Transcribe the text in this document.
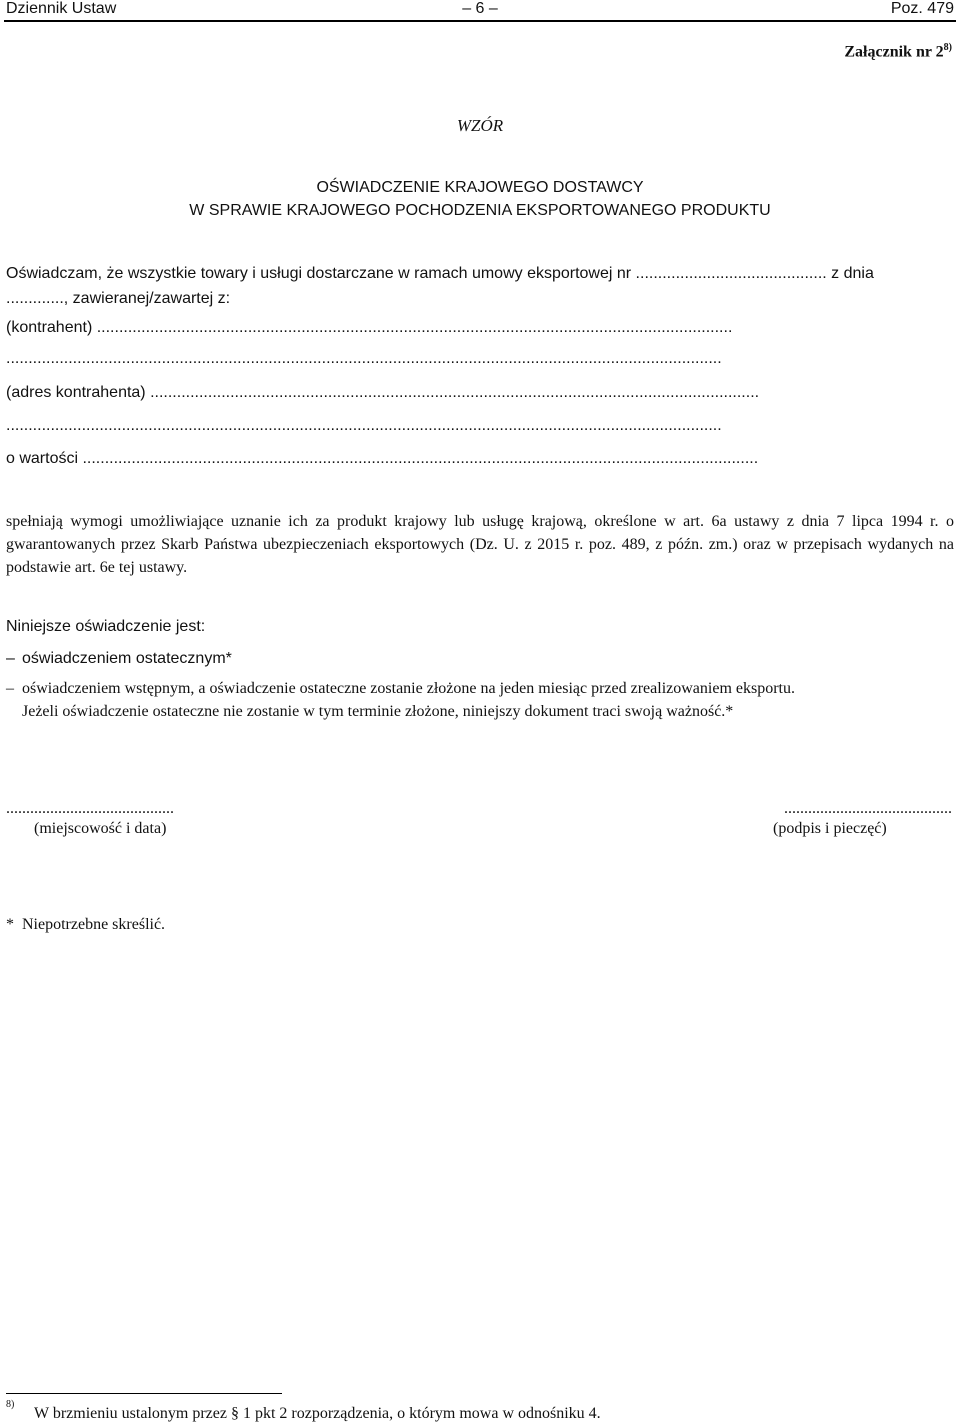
Dziennik Ustaw	– 6 –	Poz. 479
Załącznik nr 2$^{8)}$
WZÓR
OŚWIADCZENIE KRAJOWEGO DOSTAWCY
W SPRAWIE KRAJOWEGO POCHODZENIA EKSPORTOWANEGO PRODUKTU
Oświadczam, że wszystkie towary i usługi dostarczane w ramach umowy eksportowej nr ........................................... z dnia
............., zawieranej/zawartej z:
(kontrahent) ...............................................................................................................................................
.................................................................................................................................................................
(adres kontrahenta) .........................................................................................................................................
.................................................................................................................................................................
o wartości ........................................................................................................................................................
spełniają wymogi umożliwiające uznanie ich za produkt krajowy lub usługę krajową, określone w art. 6a ustawy z dnia 7 lipca 1994 r. o gwarantowanych przez Skarb Państwa ubezpieczeniach eksportowych (Dz. U. z 2015 r. poz. 489, z późn. zm.) oraz w przepisach wydanych na podstawie art. 6e tej ustawy.
Niniejsze oświadczenie jest:
– oświadczeniem ostatecznym*
– oświadczeniem wstępnym, a oświadczenie ostateczne zostanie złożone na jeden miesiąc przed zrealizowaniem eksportu.
Jeżeli oświadczenie ostateczne nie zostanie w tym terminie złożone, niniejszy dokument traci swoją ważność.*
..........................................
(miejscowość i data)
..........................................
(podpis i pieczęć)
*  Niepotrzebne skreślić.
8)
W brzmieniu ustalonym przez § 1 pkt 2 rozporządzenia, o którym mowa w odnośniku 4.
